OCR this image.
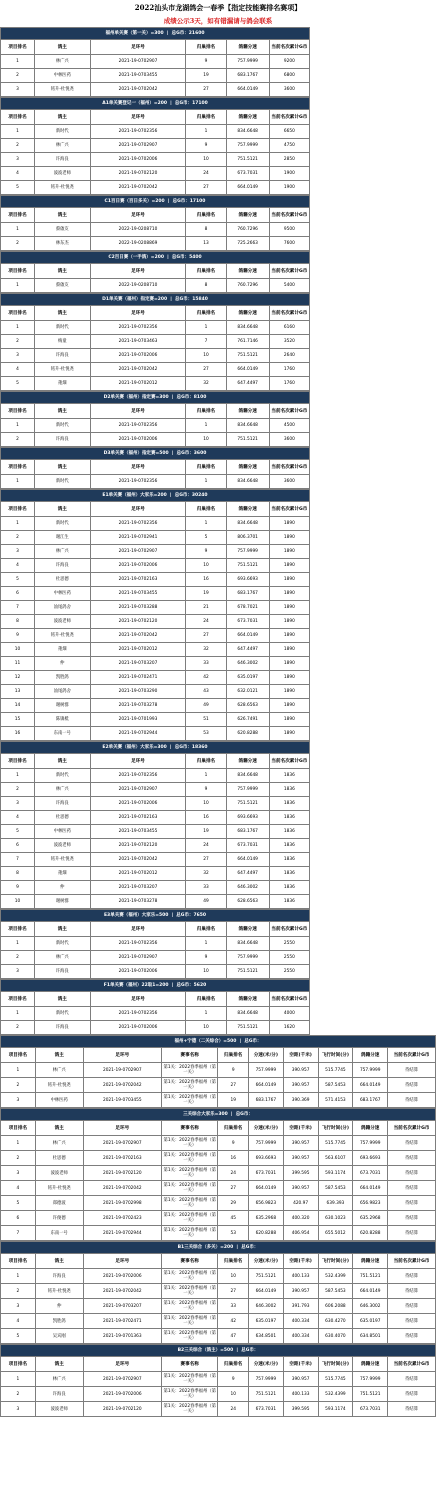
2022汕头市龙湖鸽会一春季【指定技能赛排名赛项】
成绩公示3天，如有错漏请与鸽会联系
福州单关赛（第一关）=300  |  总G币：21600					
项目排名	鸽主	足环号	归巢排名	鸽籍分速	当前名次累计G币
1	林广兴	2021-19-0702907	9	757.9999	9200
2	中林医药	2021-19-0703455	19	683.1767	6800
3	铭升-杜悦尧	2021-19-0702042	27	664.0149	3600
A1单关赛登记一（福州）=200  |  总G币：17100					
项目排名	鸽主	足环号	归巢排名	鸽籍分速	当前名次累计G币
1	新时代	2021-19-0702356	1	834.6648	6650
2	林广兴	2021-19-0702907	9	757.9999	4750
3	许海良	2021-19-0702006	10	751.5121	2850
4	波波老师	2021-19-0702120	24	673.7031	1900
5	铭升-杜悦尧	2021-19-0702042	27	664.0149	1900
C1百日赛（百日多关）=200  |  总G币：17100					
项目排名	鸽主	足环号	归巢排名	鸽籍分速	当前名次累计G币
1	蔡啟友	2022-19-0208710	8	760.7296	9500
2	林东杰	2022-19-0208869	13	725.2663	7600
C2百日赛（一手鸽）=200  |  总G币：5400					
项目排名	鸽主	足环号	归巢排名	鸽籍分速	当前名次累计G币
1	蔡啟友	2022-19-0208710	8	760.7296	5400
D1单关赛（福州）指定赛=200  |  总G币：15840					
项目排名	鸽主	足环号	归巢排名	鸽籍分速	当前名次累计G币
1	新时代	2021-19-0702356	1	834.6648	6160
2	梅童	2021-19-0703463	7	761.7146	3520
3	许海良	2021-19-0702006	10	751.5121	2640
4	铭升-杜悦尧	2021-19-0702042	27	664.0149	1760
5	蓮畑	2021-19-0702012	32	647.4497	1760
D2单关赛（福州）指定赛=300  |  总G币：8100					
项目排名	鸽主	足环号	归巢排名	鸽籍分速	当前名次累计G币
1	新时代	2021-19-0702356	1	834.6648	4500
2	许海良	2021-19-0702006	10	751.5121	3600
D3单关赛（福州）指定赛=500  |  总G币：3600					
项目排名	鸽主	足环号	归巢排名	鸽籍分速	当前名次累计G币
1	新时代	2021-19-0702356	1	834.6648	3600
E1单关赛（福州）大家乐=200  |  总G币：30240					
项目排名	鸽主	足环号	归巢排名	鸽籍分速	当前名次累计G币
1	新时代	2021-19-0702356	1	834.6648	1890
2	谢江生	2021-19-0702941	5	806.3701	1890
3	林广兴	2021-19-0702907	9	757.9999	1890
4	许海良	2021-19-0702006	10	751.5121	1890
5	杜思德	2021-19-0702163	16	693.6693	1890
6	中林医药	2021-19-0703455	19	683.1767	1890
7	汕尾鸽舍	2021-19-0703288	21	678.7021	1890
8	波波老师	2021-19-0702120	24	673.7031	1890
9	铭升-杜悦尧	2021-19-0702042	27	664.0149	1890
10	蓮畑	2021-19-0702012	32	647.4497	1890
11	仲	2021-19-0703207	33	646.3002	1890
12	凯胜鸽	2021-19-0702471	42	635.0197	1890
13	汕尾鸽舍	2021-19-0703290	43	632.0121	1890
14	谢树群	2021-19-0703278	49	628.6563	1890
15	陈镇柢	2021-19-0701993	51	626.7491	1890
16	东南一号	2021-19-0702944	53	620.8288	1890
E2单关赛（福州）大家乐=300  |  总G币：18360					
项目排名	鸽主	足环号	归巢排名	鸽籍分速	当前名次累计G币
1	新时代	2021-19-0702356	1	834.6648	1836
2	林广兴	2021-19-0702907	9	757.9999	1836
3	许海良	2021-19-0702006	10	751.5121	1836
4	杜思德	2021-19-0702163	16	693.6693	1836
5	中林医药	2021-19-0703455	19	683.1767	1836
6	波波老师	2021-19-0702120	24	673.7031	1836
7	铭升-杜悦尧	2021-19-0702042	27	664.0149	1836
8	蓮畑	2021-19-0702012	32	647.4497	1836
9	仲	2021-19-0703207	33	646.3002	1836
10	谢树群	2021-19-0703278	49	628.6563	1836
E3单关赛（福州）大家乐=500  |  总G币：7650					
项目排名	鸽主	足环号	归巢排名	鸽籍分速	当前名次累计G币
1	新时代	2021-19-0702356	1	834.6648	2550
2	林广兴	2021-19-0702907	9	757.9999	2550
3	许海良	2021-19-0702006	10	751.5121	2550
F1单关赛（福州）22取1=200  |  总G币：5620					
项目排名	鸽主	足环号	归巢排名	鸽籍分速	当前名次累计G币
1	新时代	2021-19-0702356	1	834.6648	4000
2	许海良	2021-19-0702006	10	751.5121	1620
福州+宁德（二关综合）=500  |  总G币：									
项目排名	鸽主	足环号	赛事名称	归巢排名	分速(米/分)	空距(千米)	飞行时间(分)	鸽籍分速	当前名次累计G币
1	林广兴	2021-19-0702907	第1关：2022春季福州（第一关）	9	757.9999	390.957	515.7745	757.9999	待结算
2	铭升-杜悦尧	2021-19-0702042	第1关：2022春季福州（第一关）	27	664.0149	390.957	587.5453	664.0149	待结算
3	中林医药	2021-19-0703455	第1关：2022春季福州（第一关）	19	683.1767	390.369	571.4153	683.1767	待结算
三关综合大家乐=300  |  总G币：									
项目排名	鸽主	足环号	赛事名称	归巢排名	分速(米/分)	空距(千米)	飞行时间(分)	鸽籍分速	当前名次累计G币
1	林广兴	2021-19-0702907	第1关：2022春季福州（第一关）	9	757.9999	390.957	515.7745	757.9999	待结算
2	杜思德	2021-19-0702163	第1关：2022春季福州（第一关）	16	693.6693	390.957	563.6107	693.6693	待结算
3	波波老师	2021-19-0702120	第1关：2022春季福州（第一关）	24	673.7031	399.595	593.1174	673.7031	待结算
4	铭升-杜悦尧	2021-19-0702042	第1关：2022春季福州（第一关）	27	664.0149	390.957	587.5453	664.0149	待结算
5	郑德波	2021-19-0702998	第1关：2022春季福州（第一关）	29	656.9823	420.97	639.393	656.9823	待结算
6	许俊德	2021-19-0702423	第1关：2022春季福州（第一关）	45	635.2968	400.320	630.1023	635.2968	待结算
7	东南一号	2021-19-0702944	第1关：2022春季福州（第一关）	53	620.8288	406.954	655.5012	620.8288	待结算
B1三关综合（多关）=200  |  总G币：									
项目排名	鸽主	足环号	赛事名称	归巢排名	分速(米/分)	空距(千米)	飞行时间(分)	鸽籍分速	当前名次累计G币
1	许海良	2021-19-0702006	第1关：2022春季福州（第一关）	10	751.5121	400.133	532.4399	751.5121	待结算
2	铭升-杜悦尧	2021-19-0702042	第1关：2022春季福州（第一关）	27	664.0149	390.957	587.5453	664.0149	待结算
3	仲	2021-19-0703207	第1关：2022春季福州（第一关）	33	646.3002	391.793	606.2088	646.3002	待结算
4	凯胜鸽	2021-19-0702471	第1关：2022春季福州（第一关）	42	635.0197	400.334	630.4270	635.0197	待结算
5	吴宾刚	2021-19-0701363	第1关：2022春季福州（第一关）	47	634.8501	400.334	630.4070	634.8501	待结算
B2三关综合（鸽主）=500  |  总G币：									
项目排名	鸽主	足环号	赛事名称	归巢排名	分速(米/分)	空距(千米)	飞行时间(分)	鸽籍分速	当前名次累计G币
1	林广兴	2021-19-0702907	第1关：2022春季福州（第一关）	9	757.9999	390.957	515.7745	757.9999	待结算
2	许海良	2021-19-0702006	第1关：2022春季福州（第一关）	10	751.5121	400.133	532.4399	751.5121	待结算
3	波波老师	2021-19-0702120	第1关：2022春季福州（第一关）	24	673.7031	399.595	593.1174	673.7031	待结算
